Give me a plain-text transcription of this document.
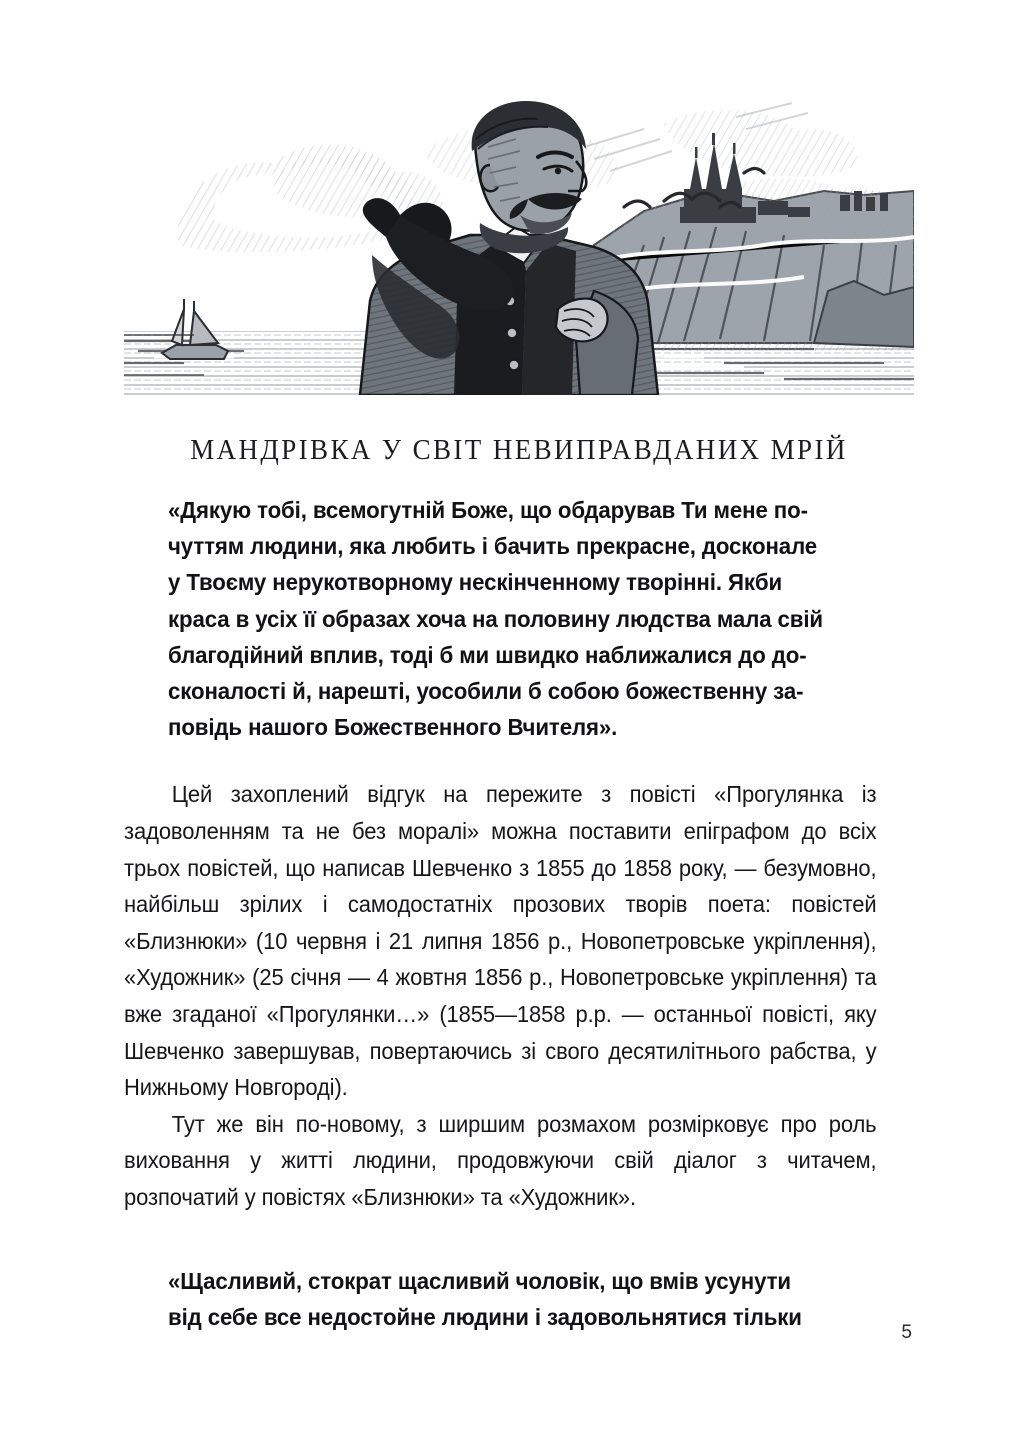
МАНДРІВКА У СВІТ НЕВИПРАВДАНИХ МРІЙ

«Дякую тобі, всемогутній Боже, що обдарував Ти мене по-

чуттям людини, яка любить і бачить прекрасне, досконале

у Твоєму нерукотворному нескінченному творінні. Якби

краса в усіх її образах хоча на половину людства мала свій

благодійний вплив, тоді б ми швидко наближалися до до-

сконалості й, нарешті, уособили б собою божественну за-

повідь нашого Божественного Вчителя».

Цей захоплений відгук на пережите з повісті «Прогулянка із задоволенням та не без моралі» можна поставити епіграфом до всіх трьох повістей, що написав Шевченко з 1855 до 1858 року, — безумовно, найбільш зрілих і самодостатніх прозових творів поета: повістей «Близнюки» (10 червня і 21 липня 1856 р., Новопетровське укріплення), «Художник» (25 січня — 4 жовтня 1856 р., Новопетровське укріплення) та вже згаданої «Прогулянки…» (1855—1858 р.р. — останньої повісті, яку Шевченко завершував, повертаючись зі свого десятилітнього рабства, у Нижньому Новгороді).

Тут же він по-новому, з ширшим розмахом розмірковує про роль виховання у житті людини, продовжуючи свій діалог з читачем, розпочатий у повістях «Близнюки» та «Художник».

«Щасливий, стократ щасливий чоловік, що вмів усунути

від себе все недостойне людини і задовольнятися тільки

5
